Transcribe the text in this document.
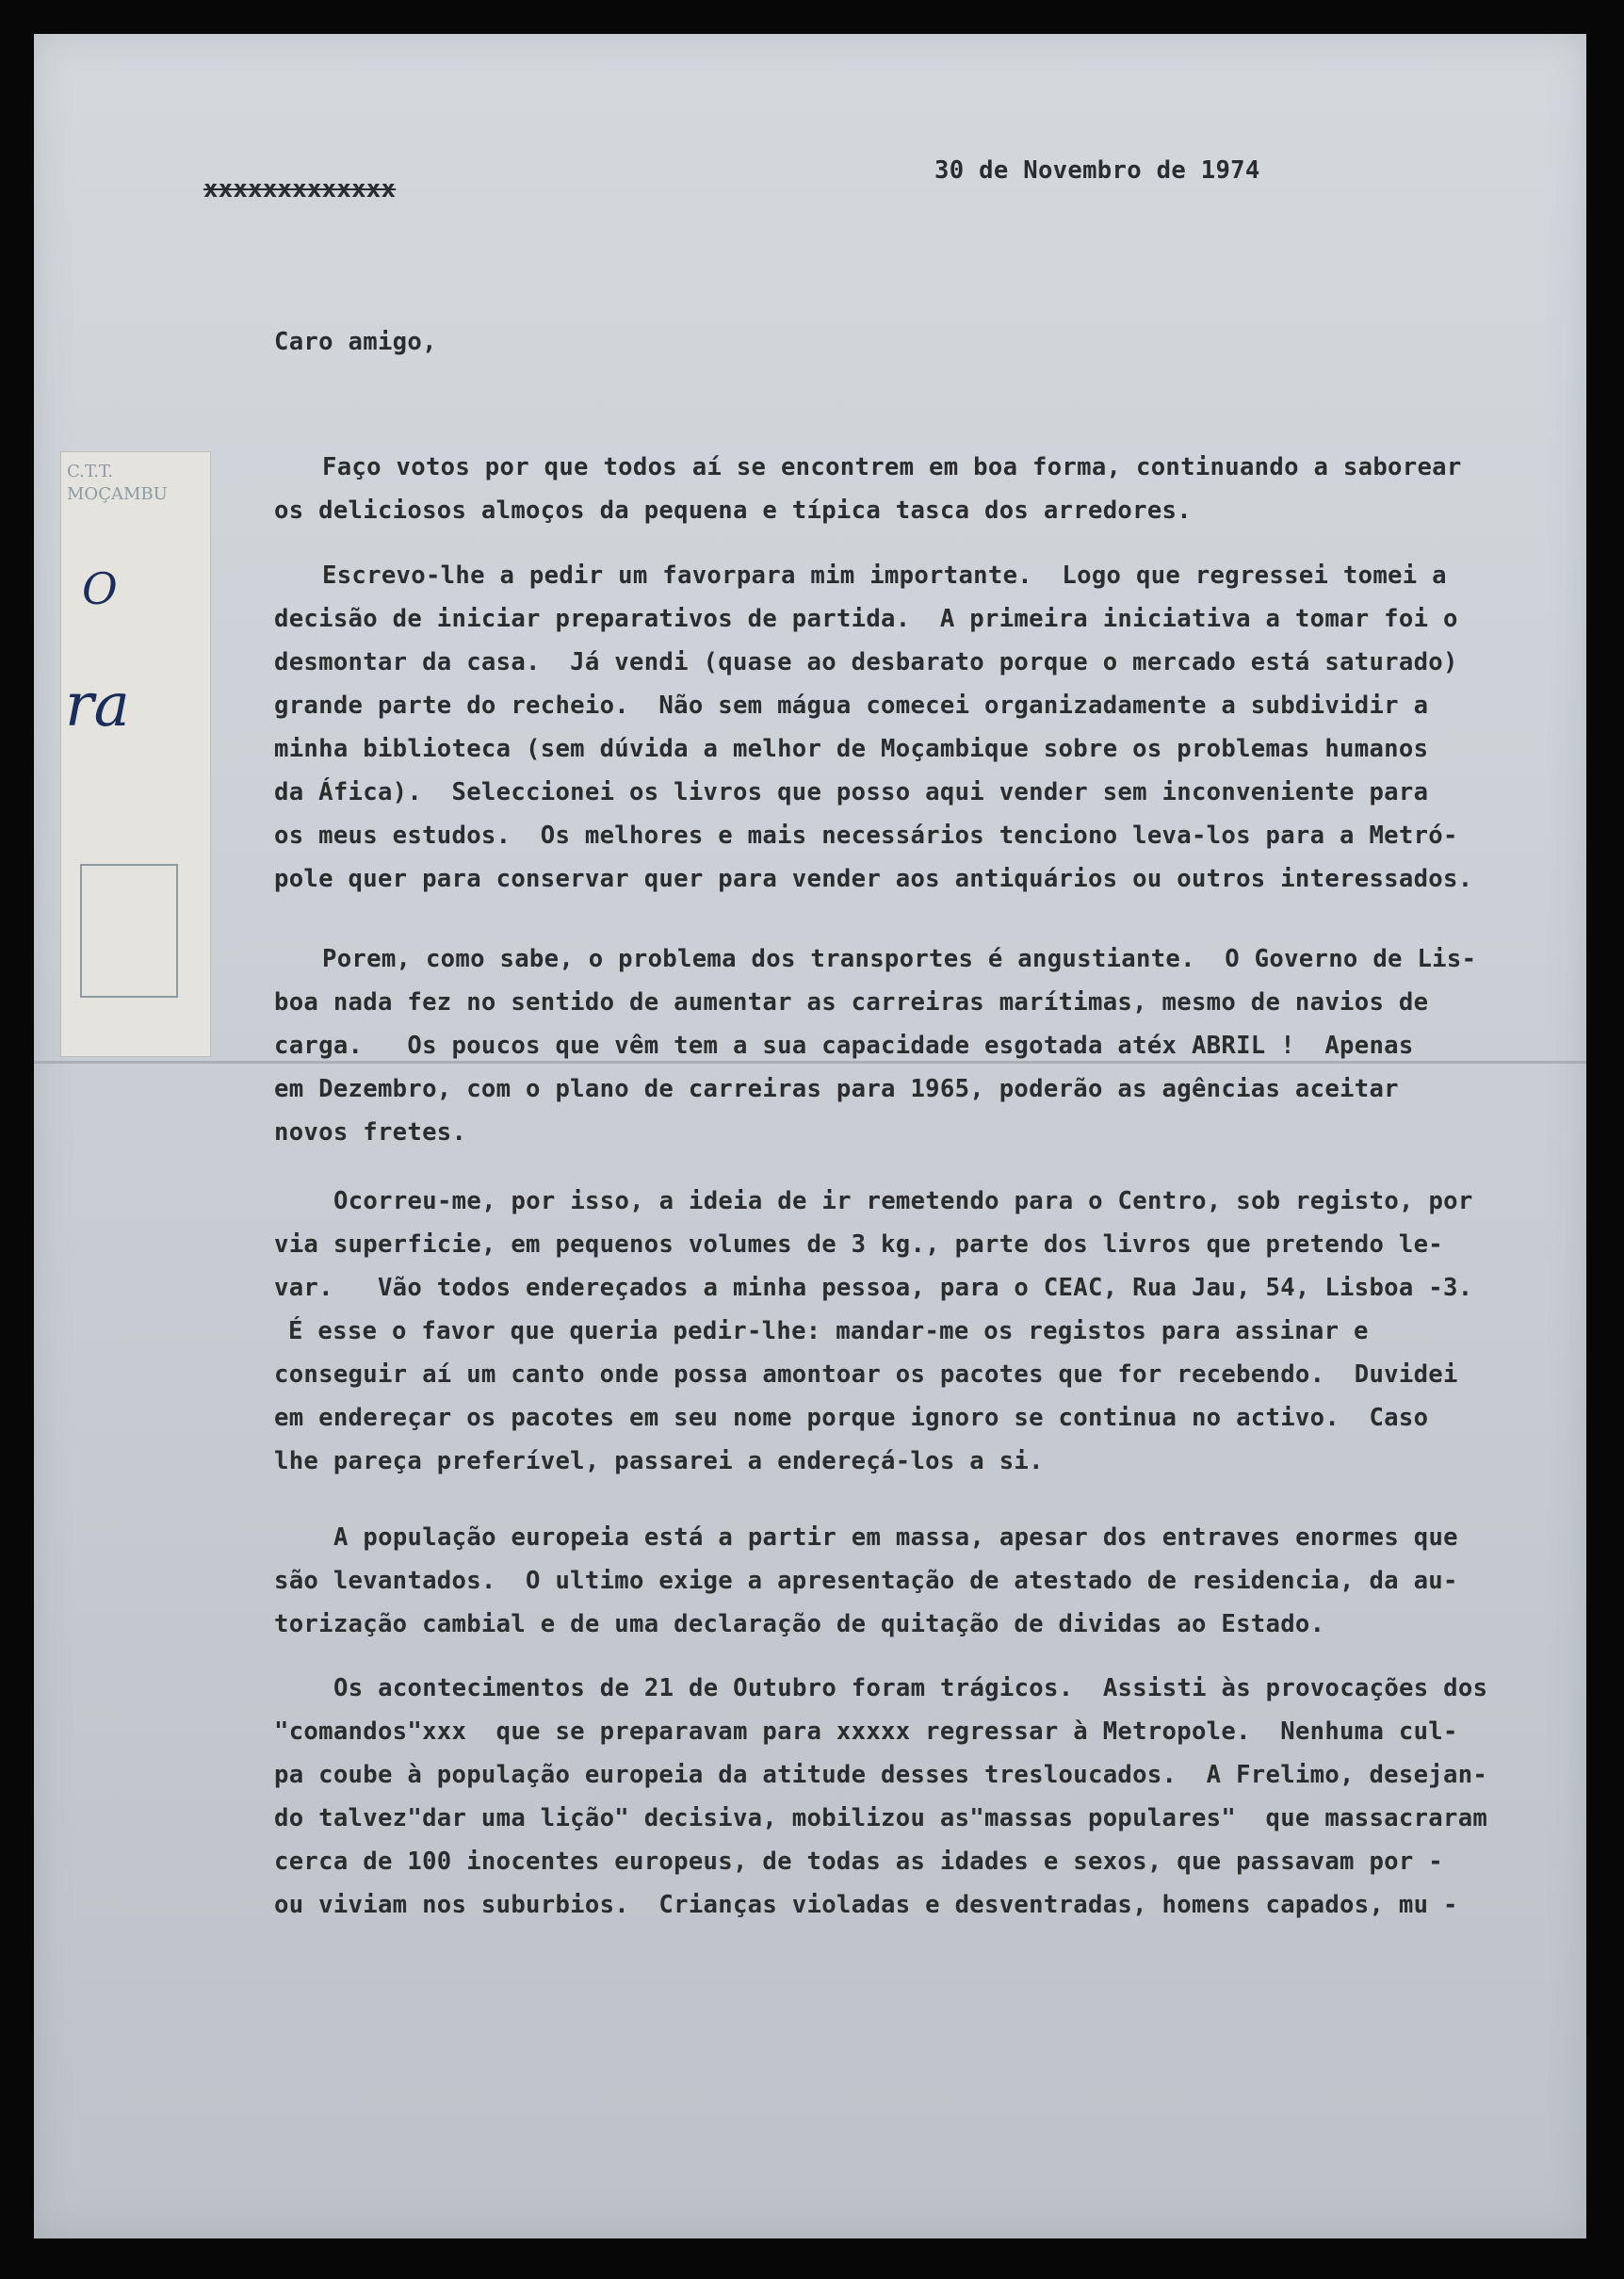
C.T.T.
MOÇAMBU
O
ra
xxxxxxxxxxxxx
30 de Novembro de 1974
Caro amigo,

Faço votos por que todos aí se encontrem em boa forma, continuando a saborear

os deliciosos almoços da pequena e típica tasca dos arredores.

Escrevo-lhe a pedir um favorpara mim importante.  Logo que regressei tomei a

decisão de iniciar preparativos de partida.  A primeira iniciativa a tomar foi o

desmontar da casa.  Já vendi (quase ao desbarato porque o mercado está saturado)

grande parte do recheio.  Não sem mágua comecei organizadamente a subdividir a

minha biblioteca (sem dúvida a melhor de Moçambique sobre os problemas humanos

da Áfica).  Seleccionei os livros que posso aqui vender sem inconveniente para

os meus estudos.  Os melhores e mais necessários tenciono leva-los para a Metró-

pole quer para conservar quer para vender aos antiquários ou outros interessados.

Porem, como sabe, o problema dos transportes é angustiante.  O Governo de Lis-

boa nada fez no sentido de aumentar as carreiras marítimas, mesmo de navios de

carga.   Os poucos que vêm tem a sua capacidade esgotada atéx ABRIL !  Apenas

em Dezembro, com o plano de carreiras para 1965, poderão as agências aceitar

novos fretes.

Ocorreu-me, por isso, a ideia de ir remetendo para o Centro, sob registo, por

via superficie, em pequenos volumes de 3 kg., parte dos livros que pretendo le-

var.   Vão todos endereçados a minha pessoa, para o CEAC, Rua Jau, 54, Lisboa -3.

É esse o favor que queria pedir-lhe: mandar-me os registos para assinar e

conseguir aí um canto onde possa amontoar os pacotes que for recebendo.  Duvidei

em endereçar os pacotes em seu nome porque ignoro se continua no activo.  Caso

lhe pareça preferível, passarei a endereçá-los a si.

A população europeia está a partir em massa, apesar dos entraves enormes que

são levantados.  O ultimo exige a apresentação de atestado de residencia, da au-

torização cambial e de uma declaração de quitação de dividas ao Estado.

Os acontecimentos de 21 de Outubro foram trágicos.  Assisti às provocações dos

"comandos"xxx  que se preparavam para xxxxx regressar à Metropole.  Nenhuma cul-

pa coube à população europeia da atitude desses tresloucados.  A Frelimo, desejan-

do talvez"dar uma lição" decisiva, mobilizou as"massas populares"  que massacraram

cerca de 100 inocentes europeus, de todas as idades e sexos, que passavam por -

ou viviam nos suburbios.  Crianças violadas e desventradas, homens capados, mu -
